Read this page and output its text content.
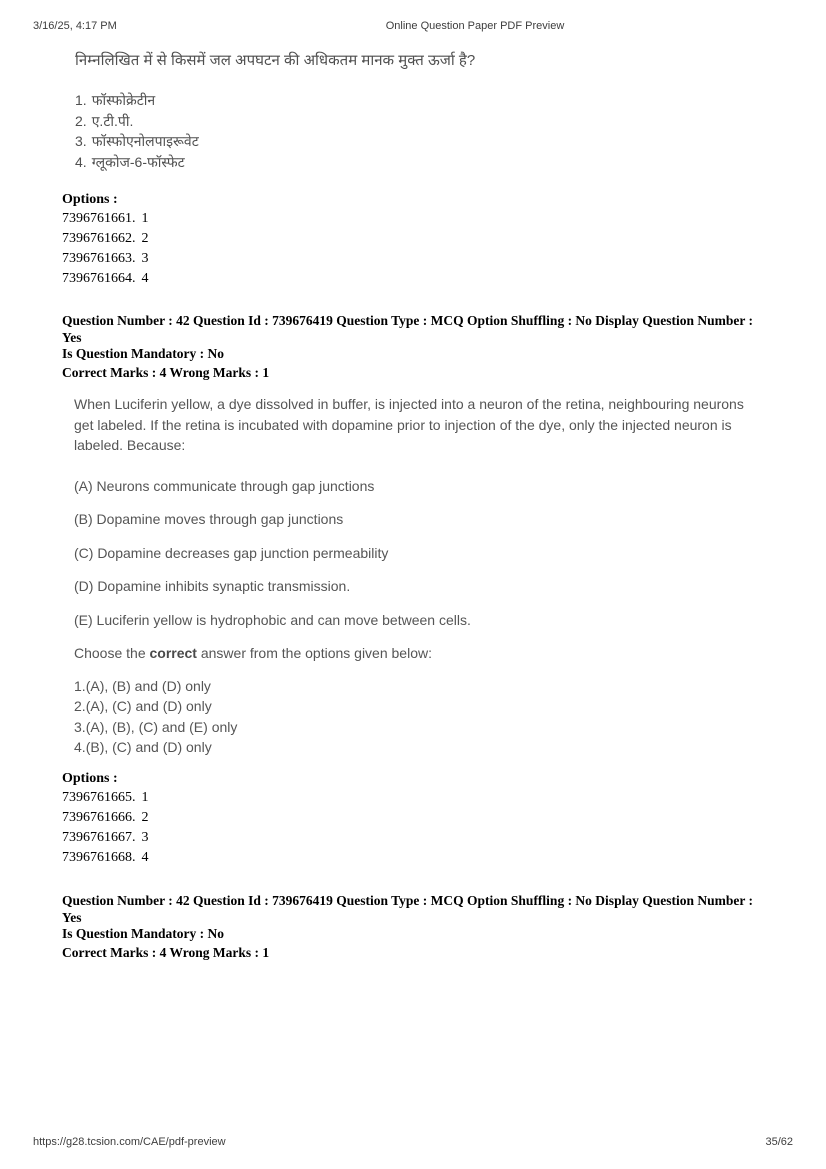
3/16/25, 4:17 PM	Online Question Paper PDF Preview
निम्नलिखित में से किसमें जल अपघटन की अधिकतम मानक मुक्त ऊर्जा है?
1. फॉस्फोक्रेटीन
2. ए.टी.पी.
3. फॉस्फोएनोलपाइरूवेट
4. ग्लूकोज-6-फॉस्फेट
Options :
7396761661. 1
7396761662. 2
7396761663. 3
7396761664. 4
Question Number : 42 Question Id : 739676419 Question Type : MCQ Option Shuffling : No Display Question Number : Yes
Is Question Mandatory : No
Correct Marks : 4 Wrong Marks : 1
When Luciferin yellow, a dye dissolved in buffer, is injected into a neuron of the retina, neighbouring neurons get labeled. If the retina is incubated with dopamine prior to injection of the dye, only the injected neuron is labeled. Because:
(A) Neurons communicate through gap junctions
(B) Dopamine moves through gap junctions
(C) Dopamine decreases gap junction permeability
(D) Dopamine inhibits synaptic transmission.
(E) Luciferin yellow is hydrophobic and can move between cells.
Choose the correct answer from the options given below:
1.(A), (B) and (D) only
2.(A), (C) and (D) only
3.(A), (B), (C) and (E) only
4.(B), (C) and (D) only
Options :
7396761665. 1
7396761666. 2
7396761667. 3
7396761668. 4
Question Number : 42 Question Id : 739676419 Question Type : MCQ Option Shuffling : No Display Question Number : Yes
Is Question Mandatory : No
Correct Marks : 4 Wrong Marks : 1
https://g28.tcsion.com/CAE/pdf-preview	35/62
